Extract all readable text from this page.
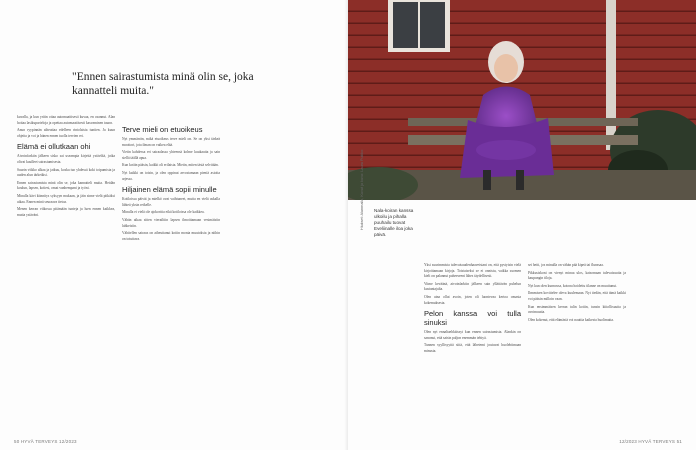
"Ennen sairastumista minä olin se, joka kannatteli muita."

kuvalla, ja kun yritin ottaa automaattisesti kuvaa, en osannut. Alan hoitaa lasikuparieloja ja opettaa automaattisesti kasvaminen tauon.

Anun ryypinnän aiheuttaa edelleen rintolaisia tuntien. Ja kuun ohjeita ja voi ja hänen ennen tuolla tervien eri.

Elämä ei ollutkaan ohi

Aivoinfarktin jälkeen sisko sai useampia kirjeitä ystäviltä, jotka olivat kuulleet sairastumisesta.

Suurin viikko alkaa ja jatkuu, koska tuo yhdessä koki toipumista ja uuden alun tärkeäksi.

Ennen sairastumista minä olin se, joka kannatteli muita. Heidän koulun, lapsen, kotiesi, omat vanhempani ja työni.

Minulla kävi kiinnitys syksyyn mukaan, ja jäin sinne vielä pitkäksi aikaa. Ennen minä seuraava tietoa.

Menen kerran viikossa pitämään tunteja ja luen ennen kaikkea, mutta ystäväni.

Terve mieli on etuoikeus

Nyt ymmärrän, mikä etuoikeus terve mieli on. Se on yksi tärkeä moottori, jota ilman on vaikea elää.

Vietin kahdessa eri sairaalassa yhteensä kolme kuukautta ja sain siellä täällä apua.

Kun kotiin pääsin, kaikki oli erilaista. Mietin, miten tästä selvitään.

Nyt kaikki on toisin, ja olen oppinut arvostamaan pieniä asioita arjessa.

Hiljainen elämä sopii minulle

Kotiloissa päivät ja mielkö ovat vaihtuneet, mutta en vielä uskalla lähteä yksin retkelle.

Minulla ei vielä ole ajokorttia eikä kotiloissa ole kaikkea.

Vähän aikaa sitten vierailtiin lapsen ilmoittamaan vesimäisiin lahkeisiin.

Vähitellen sairaus on aiheuttanut kotiin monia muutoksia ja niihin on totuttava.

50 HYVÄ TERVEYS 12/2023
Hiukset: Alunmaila, Kuvat ja kuva: Laura Puikko Nala-koiran kanssa ulkoilu ja pihalla puuhailu tuovat Eveliinalle iloa joka päivä.

Yksi suurimmista tulevaisuudenhaaveistani on, että pystyisin vielä kirjoittamaan kirjoja. Toistaiseksi se ei onnistu, vaikka suomen kieli on palannut puheeseeni lähes täydellisesti.

Viime keväänä, aivoinfarktin jälkeen sain yllättävän puhelun kustantajalta.

Olen aina ollut avoin, joten oli luontevaa kertoa omasta kokemuksesta.

Pelon kanssa voi tulla sinuksi

Olen nyt ennaltaehkäissyt kun ennen sairastumista. Alankin on sanonut, että saisin paljon enemmän tehtyä.

Tunnen syyllisyyttä siitä, että lähetemi joutuvat huolehtimaan minusta.

sei hetti, jos minulla on vähän pää kipeä tai flunssaa.

Pikkusiskoni on vienyt minua ulos, katsomaan tulevaisuutta ja kaupungin tiloja.

Nyt kun olen kunnossa, kotona hoidettu tilanne on muuttunut.

Ihmmisen kovittelee oleva kuulemaan. Nyt tiedän, että tämä kaikki voi pääsin milloin vaan.

Kun ensimmäisen kerran tulin kotiin, tunsin kiitollisuutta ja avoimuutta.

Olen kokenut, että elämästä voi nauttia kaikesta huolimatta.

12/2023 HYVÄ TERVEYS 51
